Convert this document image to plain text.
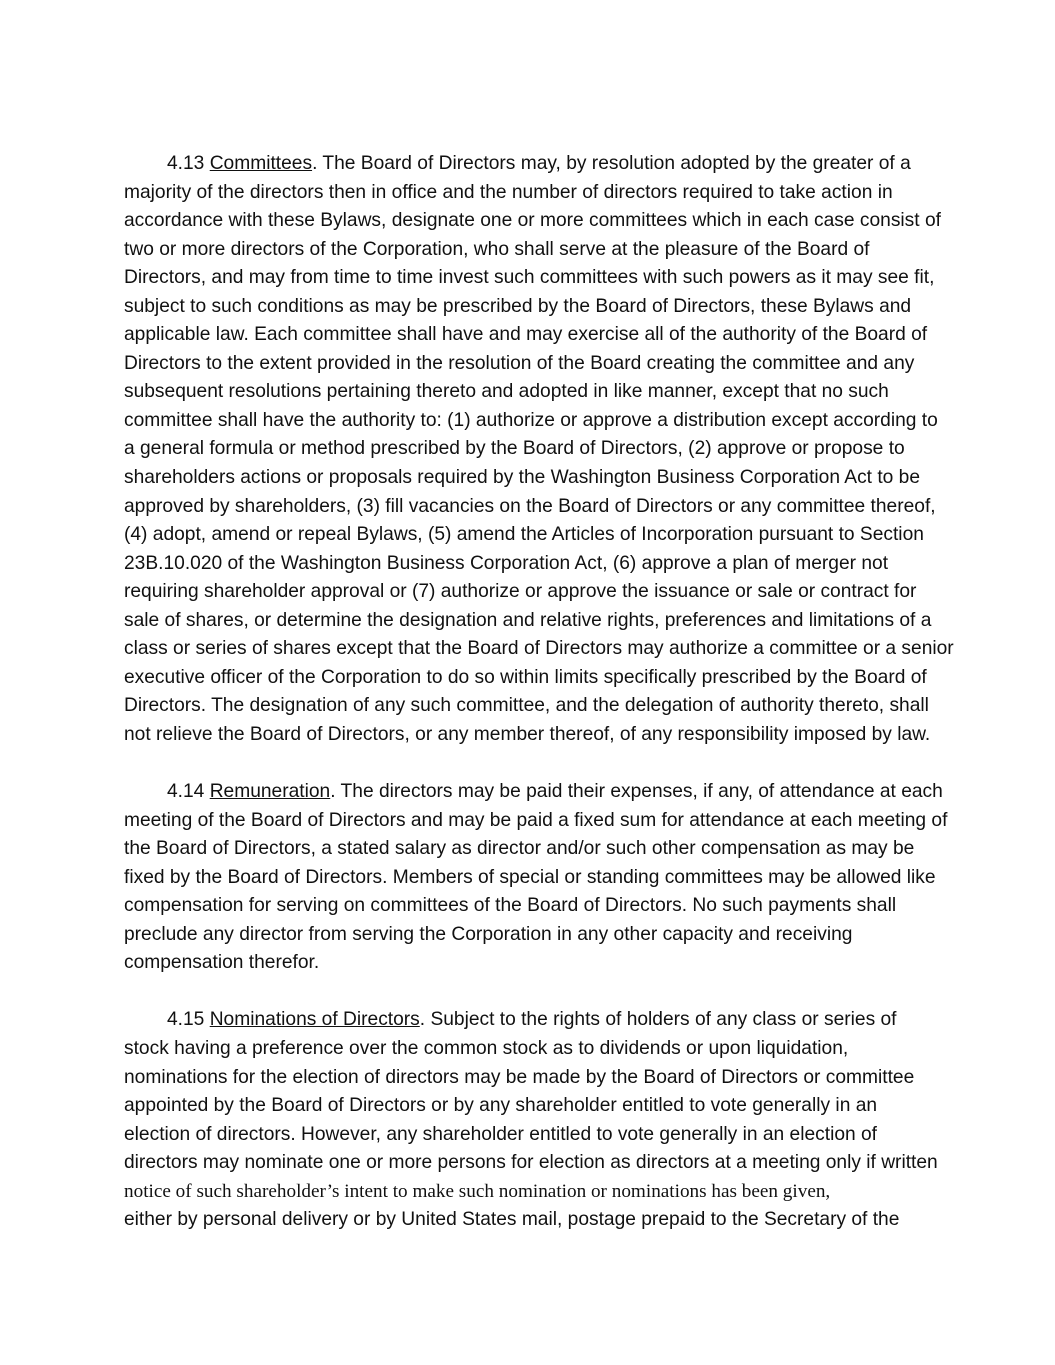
4.13 Committees. The Board of Directors may, by resolution adopted by the greater of a
majority of the directors then in office and the number of directors required to take action in
accordance with these Bylaws, designate one or more committees which in each case consist of
two or more directors of the Corporation, who shall serve at the pleasure of the Board of
Directors, and may from time to time invest such committees with such powers as it may see fit,
subject to such conditions as may be prescribed by the Board of Directors, these Bylaws and
applicable law. Each committee shall have and may exercise all of the authority of the Board of
Directors to the extent provided in the resolution of the Board creating the committee and any
subsequent resolutions pertaining thereto and adopted in like manner, except that no such
committee shall have the authority to: (1) authorize or approve a distribution except according to
a general formula or method prescribed by the Board of Directors, (2) approve or propose to
shareholders actions or proposals required by the Washington Business Corporation Act to be
approved by shareholders, (3) fill vacancies on the Board of Directors or any committee thereof,
(4) adopt, amend or repeal Bylaws, (5) amend the Articles of Incorporation pursuant to Section
23B.10.020 of the Washington Business Corporation Act, (6) approve a plan of merger not
requiring shareholder approval or (7) authorize or approve the issuance or sale or contract for
sale of shares, or determine the designation and relative rights, preferences and limitations of a
class or series of shares except that the Board of Directors may authorize a committee or a senior
executive officer of the Corporation to do so within limits specifically prescribed by the Board of
Directors. The designation of any such committee, and the delegation of authority thereto, shall
not relieve the Board of Directors, or any member thereof, of any responsibility imposed by law.
4.14 Remuneration. The directors may be paid their expenses, if any, of attendance at each
meeting of the Board of Directors and may be paid a fixed sum for attendance at each meeting of
the Board of Directors, a stated salary as director and/or such other compensation as may be
fixed by the Board of Directors. Members of special or standing committees may be allowed like
compensation for serving on committees of the Board of Directors. No such payments shall
preclude any director from serving the Corporation in any other capacity and receiving
compensation therefor.
4.15 Nominations of Directors. Subject to the rights of holders of any class or series of
stock having a preference over the common stock as to dividends or upon liquidation,
nominations for the election of directors may be made by the Board of Directors or committee
appointed by the Board of Directors or by any shareholder entitled to vote generally in an
election of directors. However, any shareholder entitled to vote generally in an election of
directors may nominate one or more persons for election as directors at a meeting only if written
notice of such shareholder’s intent to make such nomination or nominations has been given,
either by personal delivery or by United States mail, postage prepaid to the Secretary of the
